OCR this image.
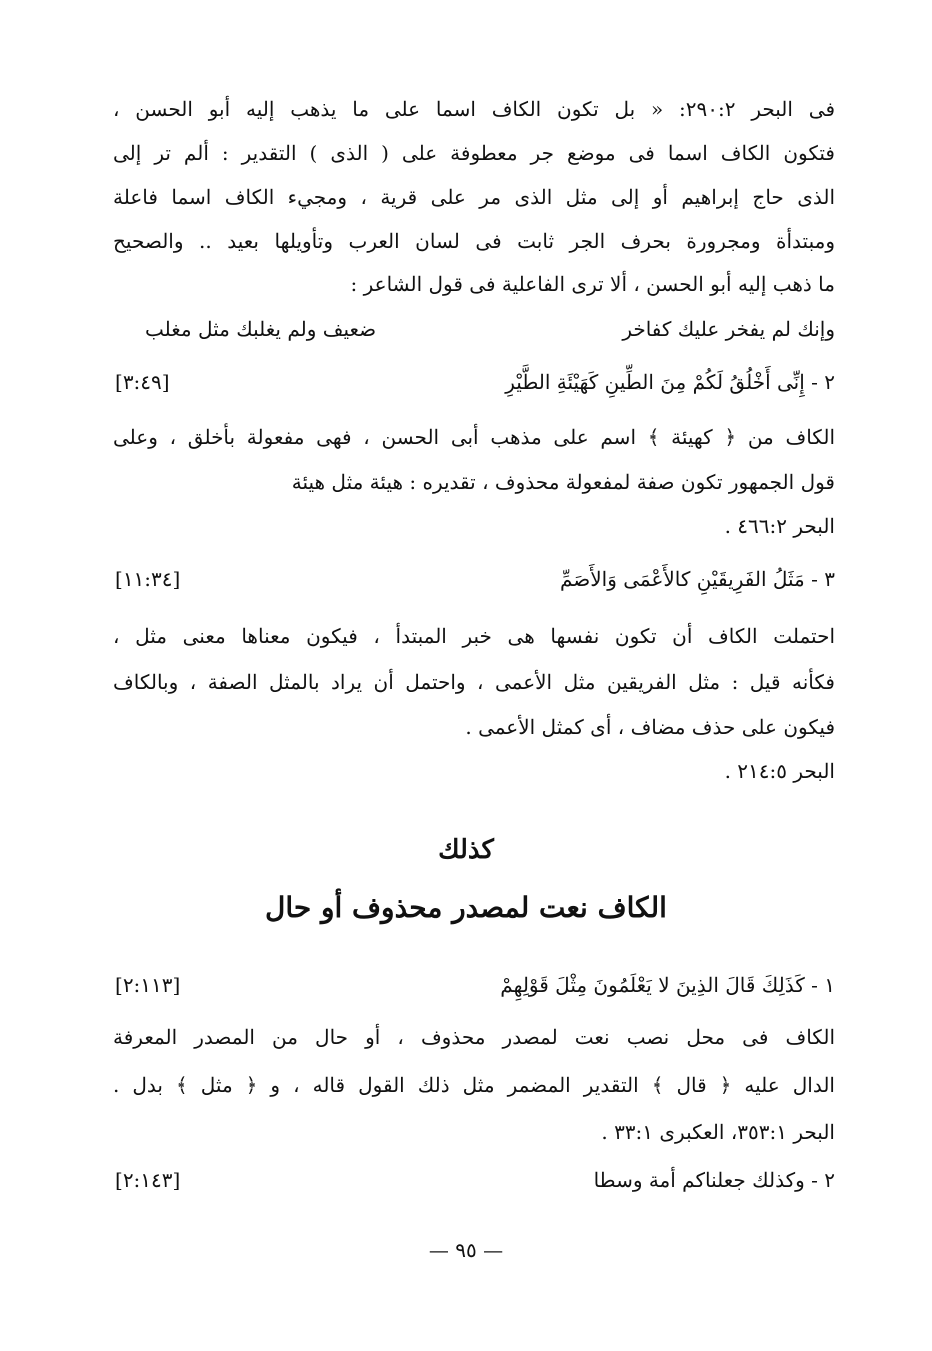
فى البحر ٢٩٠:٢: « بل تكون الكاف اسما على ما يذهب إليه أبو الحسن ،
فتكون الكاف اسما فى موضع جر معطوفة على ( الذى ) التقدير : ألم تر إلى
الذى حاج إبراهيم أو إلى مثل الذى مر على قرية ، ومجيء الكاف اسما فاعلة
ومبتدأة ومجرورة بحرف الجر ثابت فى لسان العرب وتأويلها بعيد .. والصحيح
ما ذهب إليه أبو الحسن ، ألا ترى الفاعلية فى قول الشاعر :
وإنك لم يفخر عليك كفاخر
ضعيف ولم يغلبك مثل مغلب
٢ - إِنِّى أَخْلُقُ لَكُمْ مِنَ الطِّينِ كَهَيْئَةِ الطَّيْرِ
[٣:٤٩]
الكاف من ﴿ كهيئة ﴾ اسم على مذهب أبى الحسن ، فهى مفعولة بأخلق ، وعلى
قول الجمهور تكون صفة لمفعولة محذوف ، تقديره : هيئة مثل هيئة
البحر ٤٦٦:٢ .
٣ - مَثَلُ الفَرِيقَيْنِ كالأَعْمَى وَالأَصَمِّ
[١١:٣٤]
احتملت الكاف أن تكون نفسها هى خبر المبتدأ ، فيكون معناها معنى مثل ،
فكأنه قيل : مثل الفريقين مثل الأعمى ، واحتمل أن يراد بالمثل الصفة ، وبالكاف
فيكون على حذف مضاف ، أى كمثل الأعمى .
البحر ٢١٤:٥ .
كذلك
الكاف نعت لمصدر محذوف أو حال
١ - كَذَلِكَ قَالَ الذِينَ لا يَعْلَمُونَ مِثْلَ قَوْلِهِمْ
[٢:١١٣]
الكاف فى محل نصب نعت لمصدر محذوف ، أو حال من المصدر المعرفة
الدال عليه ﴿ قال ﴾ التقدير المضمر مثل ذلك القول قاله ، و ﴿ مثل ﴾ بدل .
البحر ٣٥٣:١، العكبرى ٣٣:١ .
٢ - وكذلك جعلناكم أمة وسطا
[٢:١٤٣]
— ٩٥ —
